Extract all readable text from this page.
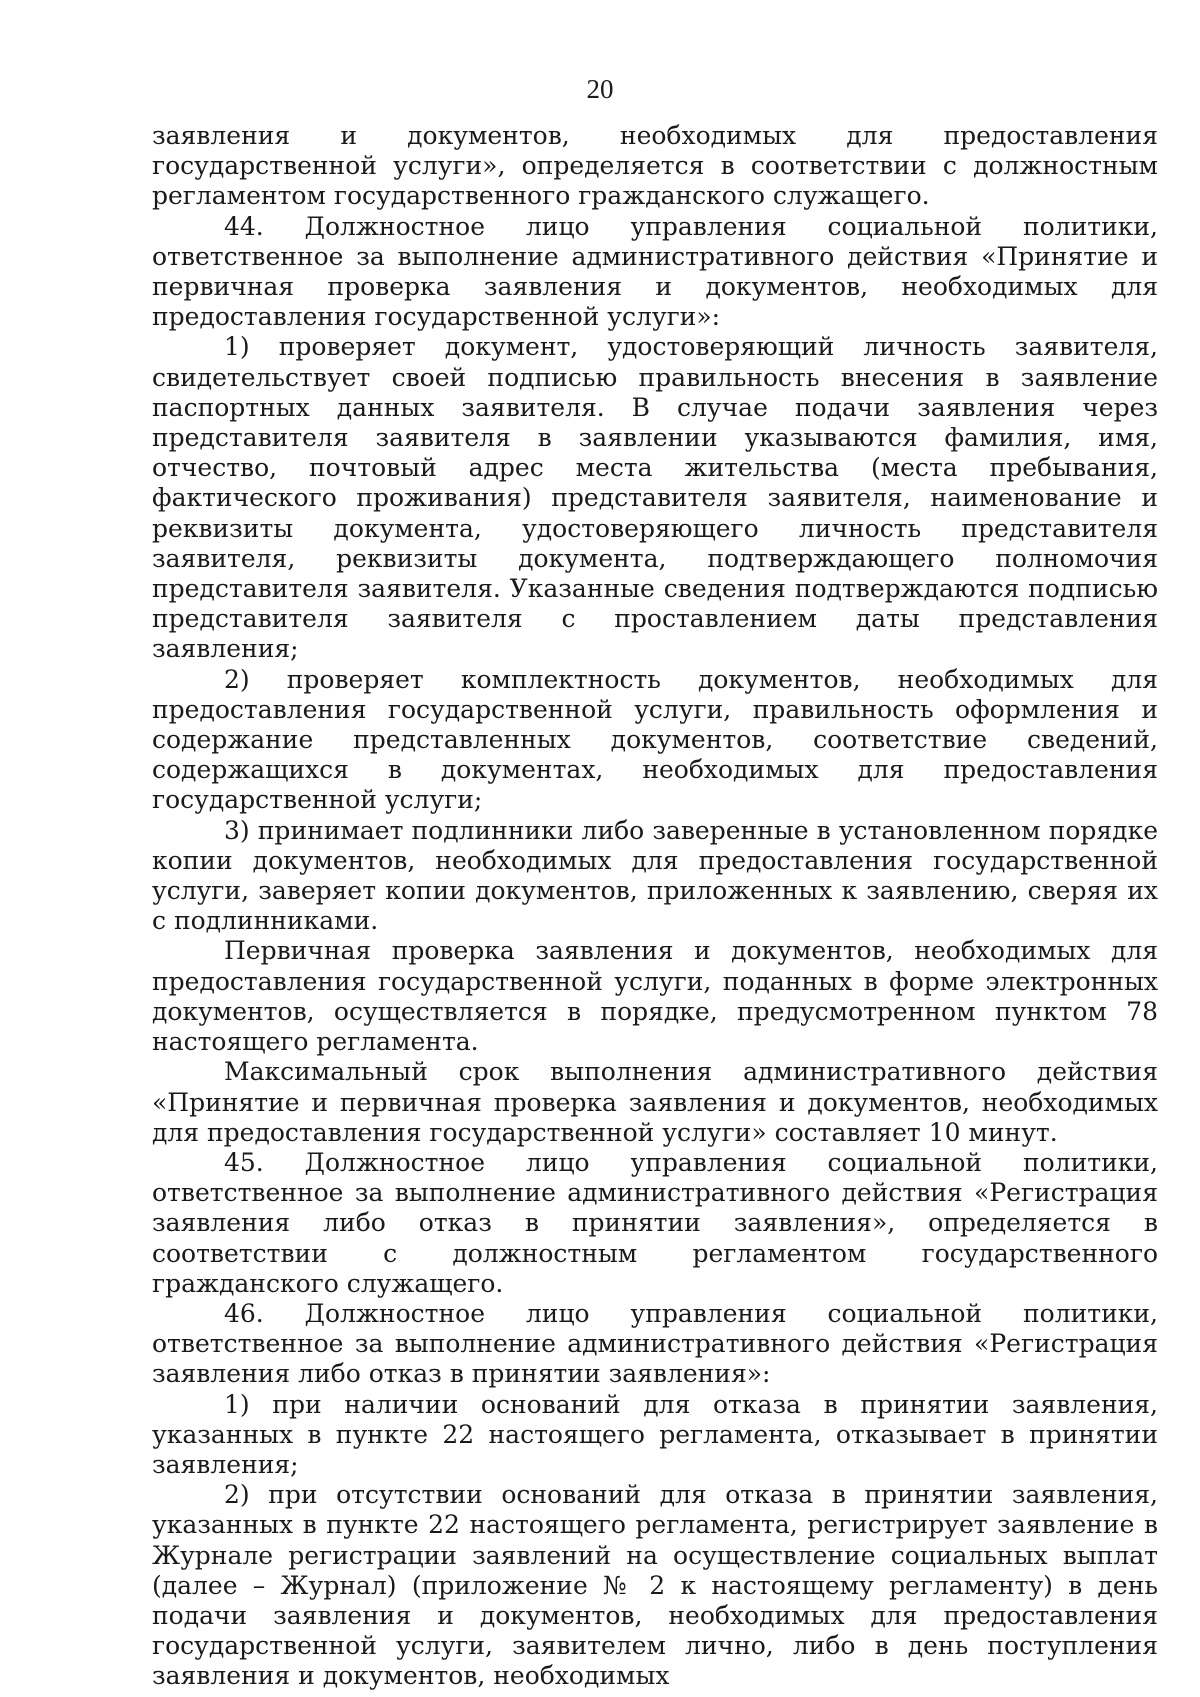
20

заявления и документов, необходимых для предоставления государственной услуги», определяется в соответствии с должностным регламентом государственного гражданского служащего.

44. Должностное лицо управления социальной политики, ответственное за выполнение административного действия «Принятие и первичная проверка заявления и документов, необходимых для предоставления государственной услуги»:

1) проверяет документ, удостоверяющий личность заявителя, свидетельствует своей подписью правильность внесения в заявление паспортных данных заявителя. В случае подачи заявления через представителя заявителя в заявлении указываются фамилия, имя, отчество, почтовый адрес места жительства (места пребывания, фактического проживания) представителя заявителя, наименование и реквизиты документа, удостоверяющего личность представителя заявителя, реквизиты документа, подтверждающего полномочия представителя заявителя. Указанные сведения подтверждаются подписью представителя заявителя с проставлением даты представления заявления;

2) проверяет комплектность документов, необходимых для предоставления государственной услуги, правильность оформления и содержание представленных документов, соответствие сведений, содержащихся в документах, необходимых для предоставления государственной услуги;

3) принимает подлинники либо заверенные в установленном порядке копии документов, необходимых для предоставления государственной услуги, заверяет копии документов, приложенных к заявлению, сверяя их с подлинниками.

Первичная проверка заявления и документов, необходимых для предоставления государственной услуги, поданных в форме электронных документов, осуществляется в порядке, предусмотренном пунктом 78 настоящего регламента.

Максимальный срок выполнения административного действия «Принятие и первичная проверка заявления и документов, необходимых для предоставления государственной услуги» составляет 10 минут.

45. Должностное лицо управления социальной политики, ответственное за выполнение административного действия «Регистрация заявления либо отказ в принятии заявления», определяется в соответствии с должностным регламентом государственного гражданского служащего.

46. Должностное лицо управления социальной политики, ответственное за выполнение административного действия «Регистрация заявления либо отказ в принятии заявления»:

1) при наличии оснований для отказа в принятии заявления, указанных в пункте 22 настоящего регламента, отказывает в принятии заявления;

2) при отсутствии оснований для отказа в принятии заявления, указанных в пункте 22 настоящего регламента, регистрирует заявление в Журнале регистрации заявлений на осуществление социальных выплат (далее – Журнал) (приложение № 2 к настоящему регламенту) в день подачи заявления и документов, необходимых для предоставления государственной услуги, заявителем лично, либо в день поступления заявления и документов, необходимых
